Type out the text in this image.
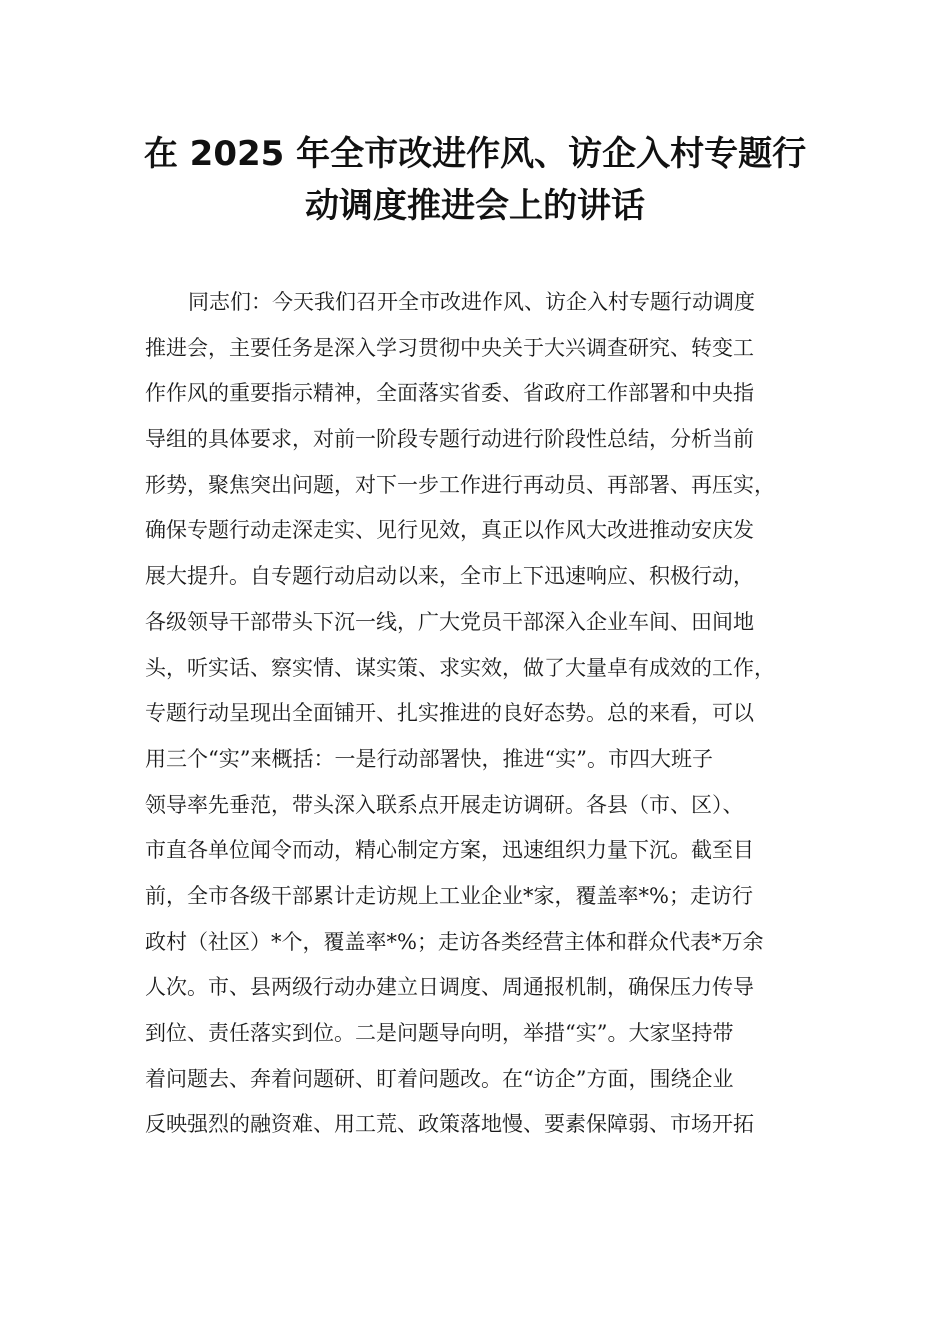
在 2025 年全市改进作风、访企入村专题行
动调度推进会上的讲话
同志们：今天我们召开全市改进作风、访企入村专题行动调度
推进会，主要任务是深入学习贯彻中央关于大兴调查研究、转变工
作作风的重要指示精神，全面落实省委、省政府工作部署和中央指
导组的具体要求，对前一阶段专题行动进行阶段性总结，分析当前
形势，聚焦突出问题，对下一步工作进行再动员、再部署、再压实，
确保专题行动走深走实、见行见效，真正以作风大改进推动安庆发
展大提升。自专题行动启动以来，全市上下迅速响应、积极行动，
各级领导干部带头下沉一线，广大党员干部深入企业车间、田间地
头，听实话、察实情、谋实策、求实效，做了大量卓有成效的工作，
专题行动呈现出全面铺开、扎实推进的良好态势。总的来看，可以
用三个“实”来概括：一是行动部署快，推进“实”。市四大班子
领导率先垂范，带头深入联系点开展走访调研。各县（市、区）、
市直各单位闻令而动，精心制定方案，迅速组织力量下沉。截至目
前，全市各级干部累计走访规上工业企业*家，覆盖率*%；走访行
政村（社区）*个，覆盖率*%；走访各类经营主体和群众代表*万余
人次。市、县两级行动办建立日调度、周通报机制，确保压力传导
到位、责任落实到位。二是问题导向明，举措“实”。大家坚持带
着问题去、奔着问题研、盯着问题改。在“访企”方面，围绕企业
反映强烈的融资难、用工荒、政策落地慢、要素保障弱、市场开拓
